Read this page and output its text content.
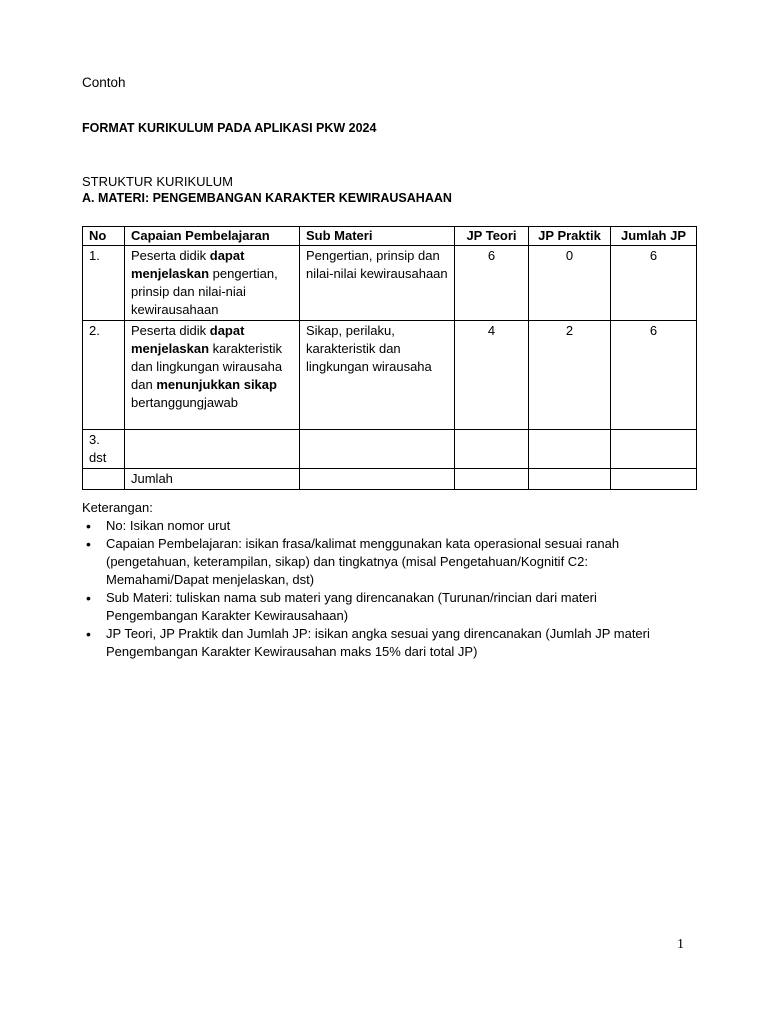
Contoh
FORMAT KURIKULUM PADA APLIKASI PKW 2024
STRUKTUR KURIKULUM
A. MATERI: PENGEMBANGAN KARAKTER KEWIRAUSAHAAN
No	Capaian Pembelajaran	Sub Materi	JP Teori	JP Praktik	Jumlah JP
1.	Peserta didik dapat menjelaskan pengertian, prinsip dan nilai-niai kewirausahaan	Pengertian, prinsip dan nilai-nilai kewirausahaan	6	0	6
2.	Peserta didik dapat menjelaskan karakteristik dan lingkungan wirausaha dan menunjukkan sikap bertanggungjawab	Sikap, perilaku, karakteristik dan lingkungan wirausaha	4	2	6
3. dst					
	Jumlah				
Keterangan:
• No: Isikan nomor urut
• Capaian Pembelajaran: isikan frasa/kalimat menggunakan kata operasional sesuai ranah (pengetahuan, keterampilan, sikap) dan tingkatnya (misal Pengetahuan/Kognitif C2: Memahami/Dapat menjelaskan, dst)
• Sub Materi: tuliskan nama sub materi yang direncanakan (Turunan/rincian dari materi Pengembangan Karakter Kewirausahaan)
• JP Teori, JP Praktik dan Jumlah JP: isikan angka sesuai yang direncanakan (Jumlah JP materi Pengembangan Karakter Kewirausahan maks 15% dari total JP)
1
